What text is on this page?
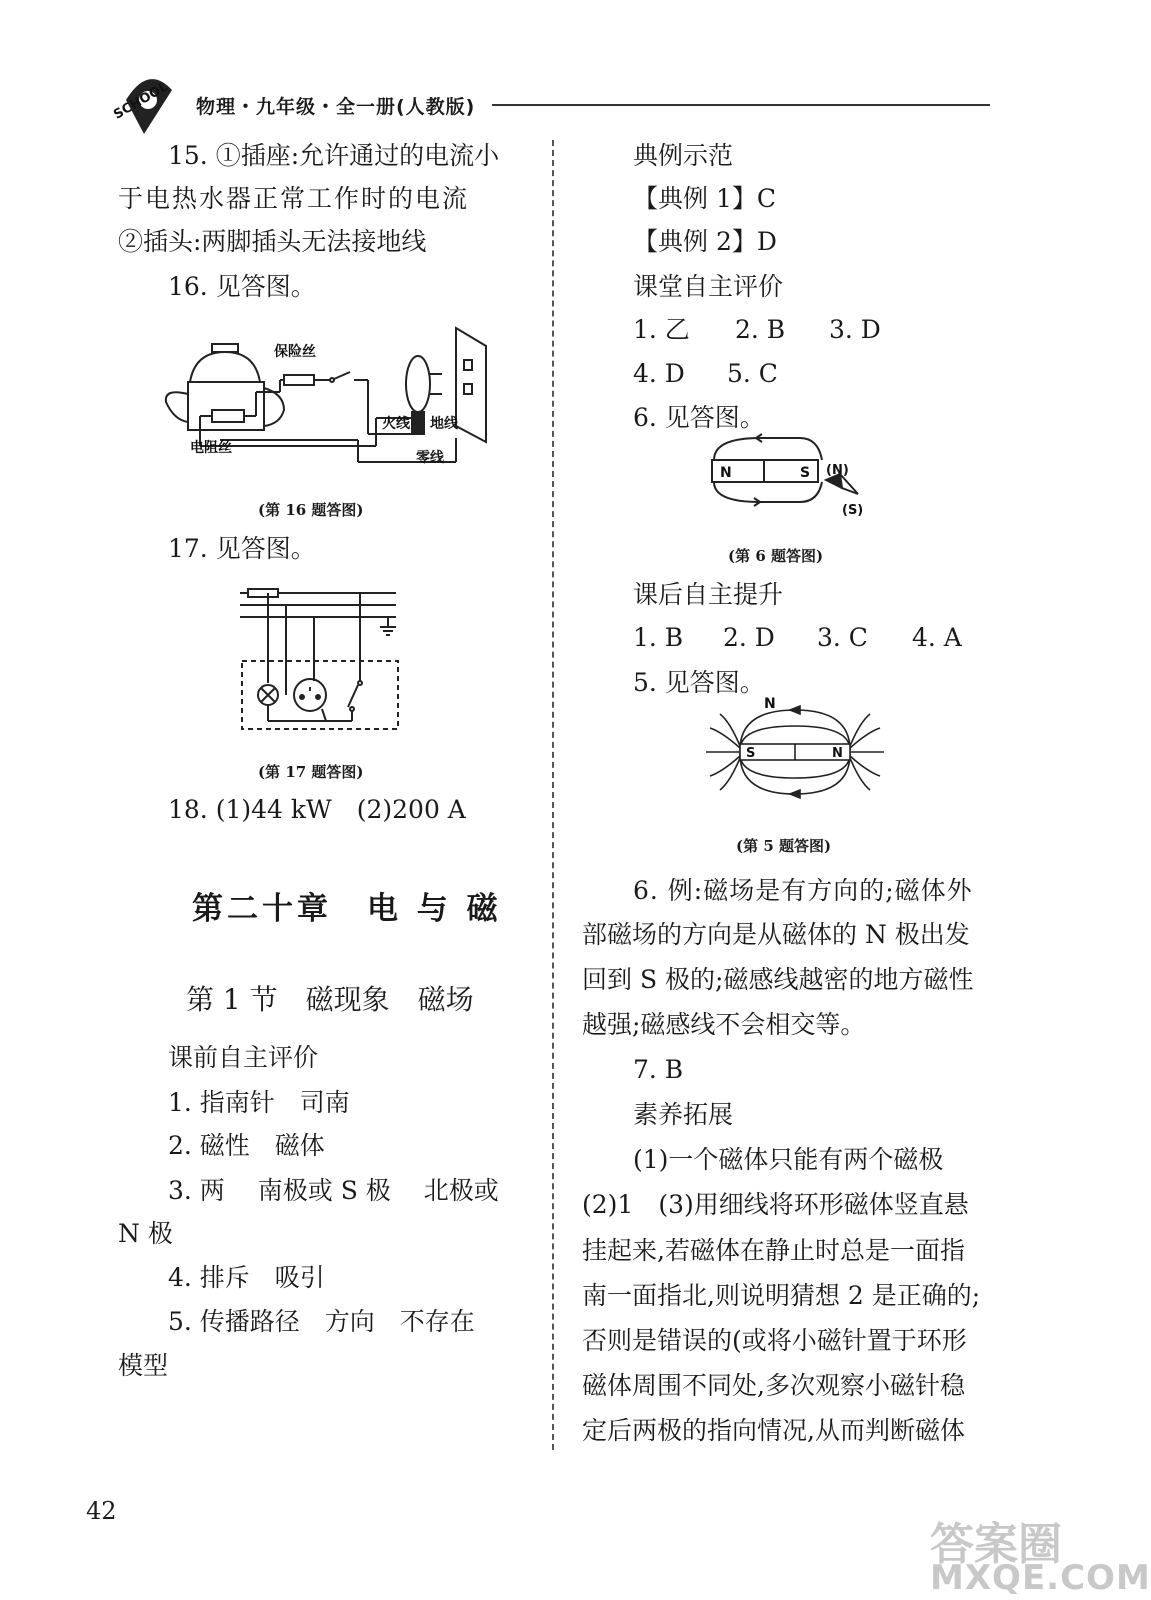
SCHOOL 物理・九年级・全一册(人教版)
15. ①插座:允许通过的电流小
于电热水器正常工作时的电流
②插头:两脚插头无法接地线
16. 见答图。
保险丝
电阻丝
火线 地线
零线
(第 16 题答图)
17. 见答图。
(第 17 题答图)
18. (1)44 kW　(2)200 A
第二十章　电 与 磁
第 1 节　磁现象　磁场
课前自主评价
1. 指南针　司南
2. 磁性　磁体
3. 两　 南极或 S 极　 北极或
N 极
4. 排斥　吸引
5. 传播路径　方向　不存在
模型
典例示范
【典例 1】C
【典例 2】D
课堂自主评价
1. 乙 2. B 3. D
4. D 5. C
6. 见答图。
N	S (N)
(S)
(第 6 题答图)
课后自主提升
1. B 2. D 3. C 4. A
5. 见答图。
N
S	N
(第 5 题答图)
6. 例:磁场是有方向的;磁体外
部磁场的方向是从磁体的 N 极出发
回到 S 极的;磁感线越密的地方磁性
越强;磁感线不会相交等。
7. B
素养拓展
(1)一个磁体只能有两个磁极
(2)1　(3)用细线将环形磁体竖直悬
挂起来,若磁体在静止时总是一面指
南一面指北,则说明猜想 2 是正确的;
否则是错误的(或将小磁针置于环形
磁体周围不同处,多次观察小磁针稳
定后两极的指向情况,从而判断磁体
42
答案圈
MXQE.COM
